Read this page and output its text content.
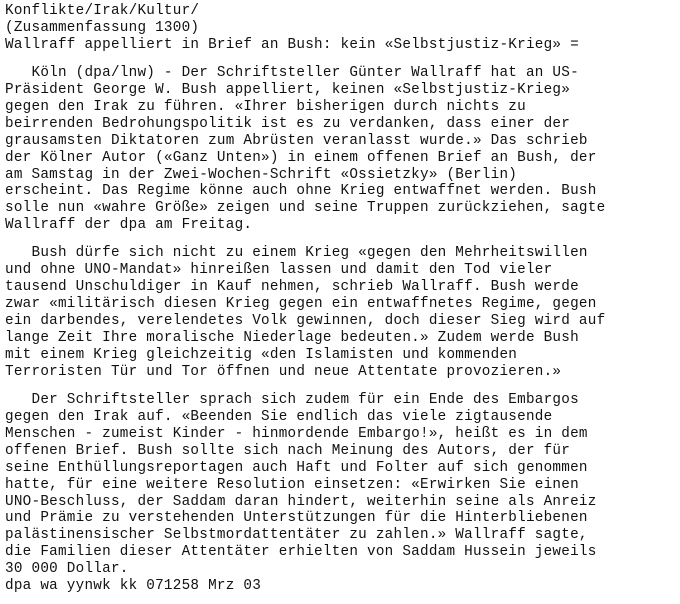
Konflikte/Irak/Kultur/
(Zusammenfassung 1300)
Wallraff appelliert in Brief an Bush: kein «Selbstjustiz-Krieg» =
Köln (dpa/lnw) - Der Schriftsteller Günter Wallraff hat an US-
Präsident George W. Bush appelliert, keinen «Selbstjustiz-Krieg»
gegen den Irak zu führen. «Ihrer bisherigen durch nichts zu
beirrenden Bedrohungspolitik ist es zu verdanken, dass einer der
grausamsten Diktatoren zum Abrüsten veranlasst wurde.» Das schrieb
der Kölner Autor («Ganz Unten») in einem offenen Brief an Bush, der
am Samstag in der Zwei-Wochen-Schrift «Ossietzky» (Berlin)
erscheint. Das Regime könne auch ohne Krieg entwaffnet werden. Bush
solle nun «wahre Größe» zeigen und seine Truppen zurückziehen, sagte
Wallraff der dpa am Freitag.
Bush dürfe sich nicht zu einem Krieg «gegen den Mehrheitswillen
und ohne UNO-Mandat» hinreißen lassen und damit den Tod vieler
tausend Unschuldiger in Kauf nehmen, schrieb Wallraff. Bush werde
zwar «militärisch diesen Krieg gegen ein entwaffnetes Regime, gegen
ein darbendes, verelendetes Volk gewinnen, doch dieser Sieg wird auf
lange Zeit Ihre moralische Niederlage bedeuten.» Zudem werde Bush
mit einem Krieg gleichzeitig «den Islamisten und kommenden
Terroristen Tür und Tor öffnen und neue Attentate provozieren.»
Der Schriftsteller sprach sich zudem für ein Ende des Embargos
gegen den Irak auf. «Beenden Sie endlich das viele zigtausende
Menschen - zumeist Kinder - hinmordende Embargo!», heißt es in dem
offenen Brief. Bush sollte sich nach Meinung des Autors, der für
seine Enthüllungsreportagen auch Haft und Folter auf sich genommen
hatte, für eine weitere Resolution einsetzen: «Erwirken Sie einen
UNO-Beschluss, der Saddam daran hindert, weiterhin seine als Anreiz
und Prämie zu verstehenden Unterstützungen für die Hinterbliebenen
palästinensischer Selbstmordattentäter zu zahlen.» Wallraff sagte,
die Familien dieser Attentäter erhielten von Saddam Hussein jeweils
30 000 Dollar.
dpa wa yynwk kk 071258 Mrz 03
